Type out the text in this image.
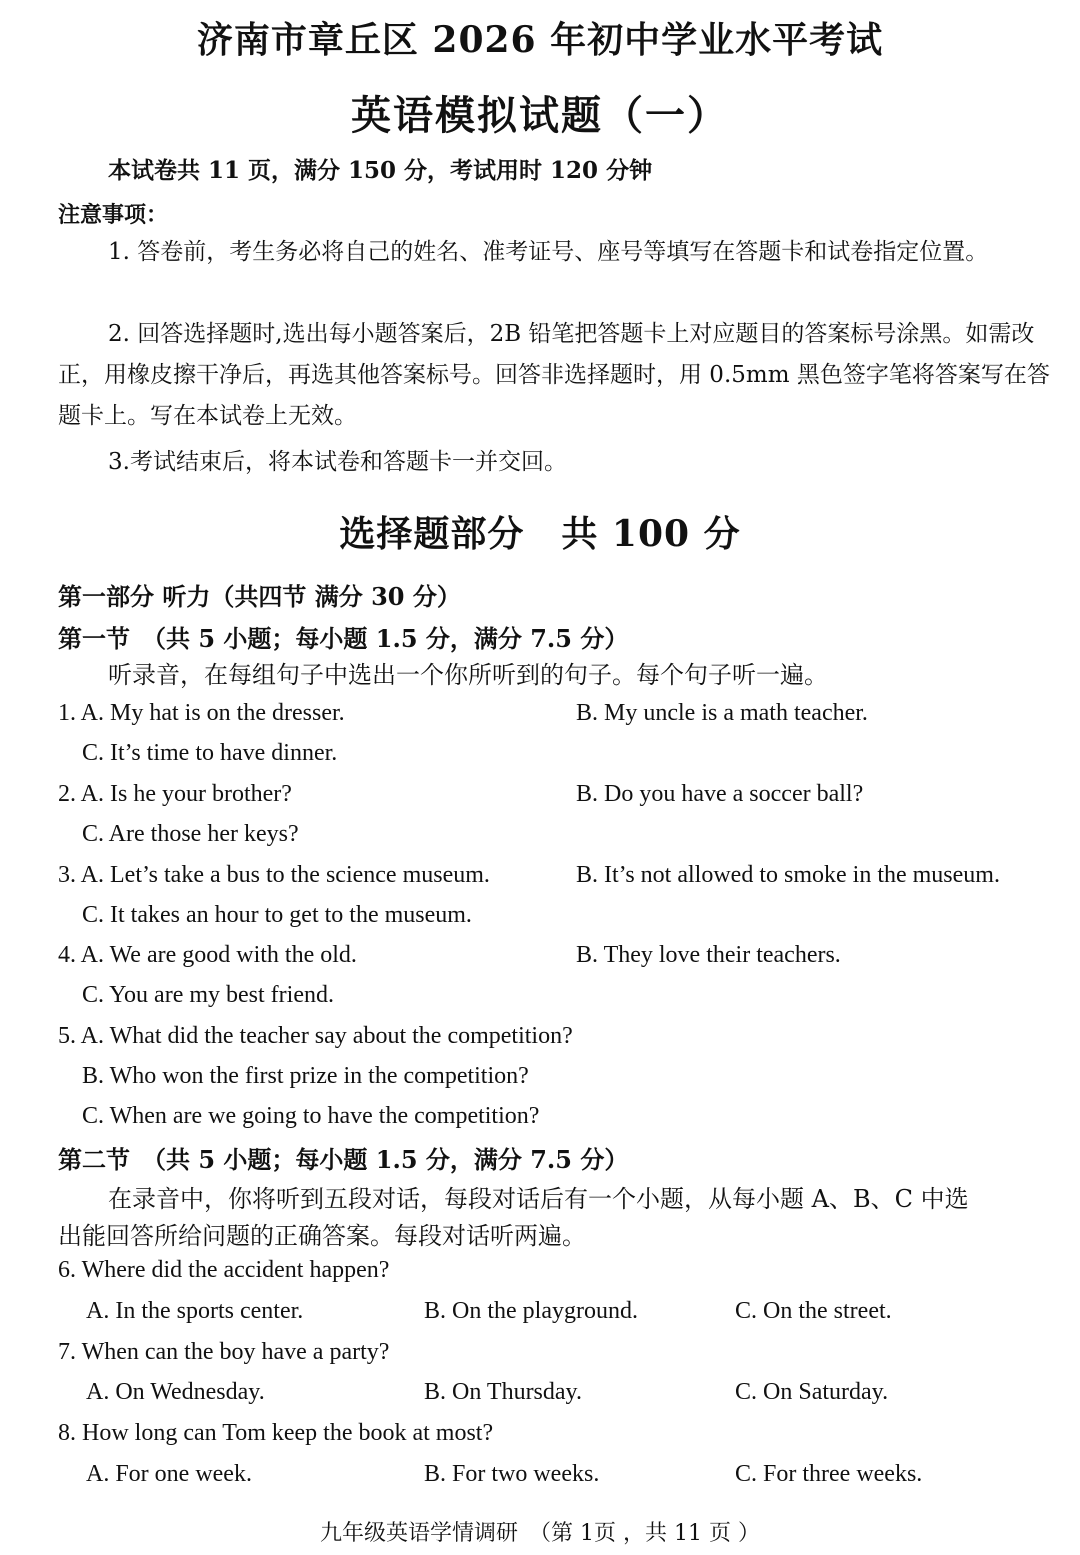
济南市章丘区 2026 年初中学业水平考试
英语模拟试题（一）
本试卷共 11 页，满分 150 分，考试用时 120 分钟
注意事项：
1. 答卷前，考生务必将自己的姓名、准考证号、座号等填写在答题卡和试卷指定位置。
2. 回答选择题时,选出每小题答案后，2B 铅笔把答题卡上对应题目的答案标号涂黑。如需改正，用橡皮擦干净后，再选其他答案标号。回答非选择题时，用 0.5mm 黑色签字笔将答案写在答题卡上。写在本试卷上无效。
3.考试结束后，将本试卷和答题卡一并交回。
选择题部分　共 100 分
第一部分 听力（共四节 满分 30 分）
第一节　（共 5 小题；每小题 1.5 分，满分 7.5 分）
听录音，在每组句子中选出一个你所听到的句子。每个句子听一遍。
1. A. My hat is on the dresser.	B. My uncle is a math teacher.
C. It’s time to have dinner.
2. A. Is he your brother?	B. Do you have a soccer ball?
C. Are those her keys?
3. A. Let’s take a bus to the science museum.	B. It’s not allowed to smoke in the museum.
C. It takes an hour to get to the museum.
4. A. We are good with the old.	B. They love their teachers.
C. You are my best friend.
5. A. What did the teacher say about the competition?
B. Who won the first prize in the competition?
C. When are we going to have the competition?
第二节　（共 5 小题；每小题 1.5 分，满分 7.5 分）
在录音中，你将听到五段对话，每段对话后有一个小题，从每小题 A、B、C 中选
出能回答所给问题的正确答案。每段对话听两遍。
6. Where did the accident happen?
A. In the sports center.	B. On the playground.	C. On the street.
7. When can the boy have a party?
A. On Wednesday.	B. On Thursday.	C. On Saturday.
8. How long can Tom keep the book at most?
A. For one week.	B. For two weeks.	C. For three weeks.
九年级英语学情调研　（第 1页 ，共 11 页 ）
